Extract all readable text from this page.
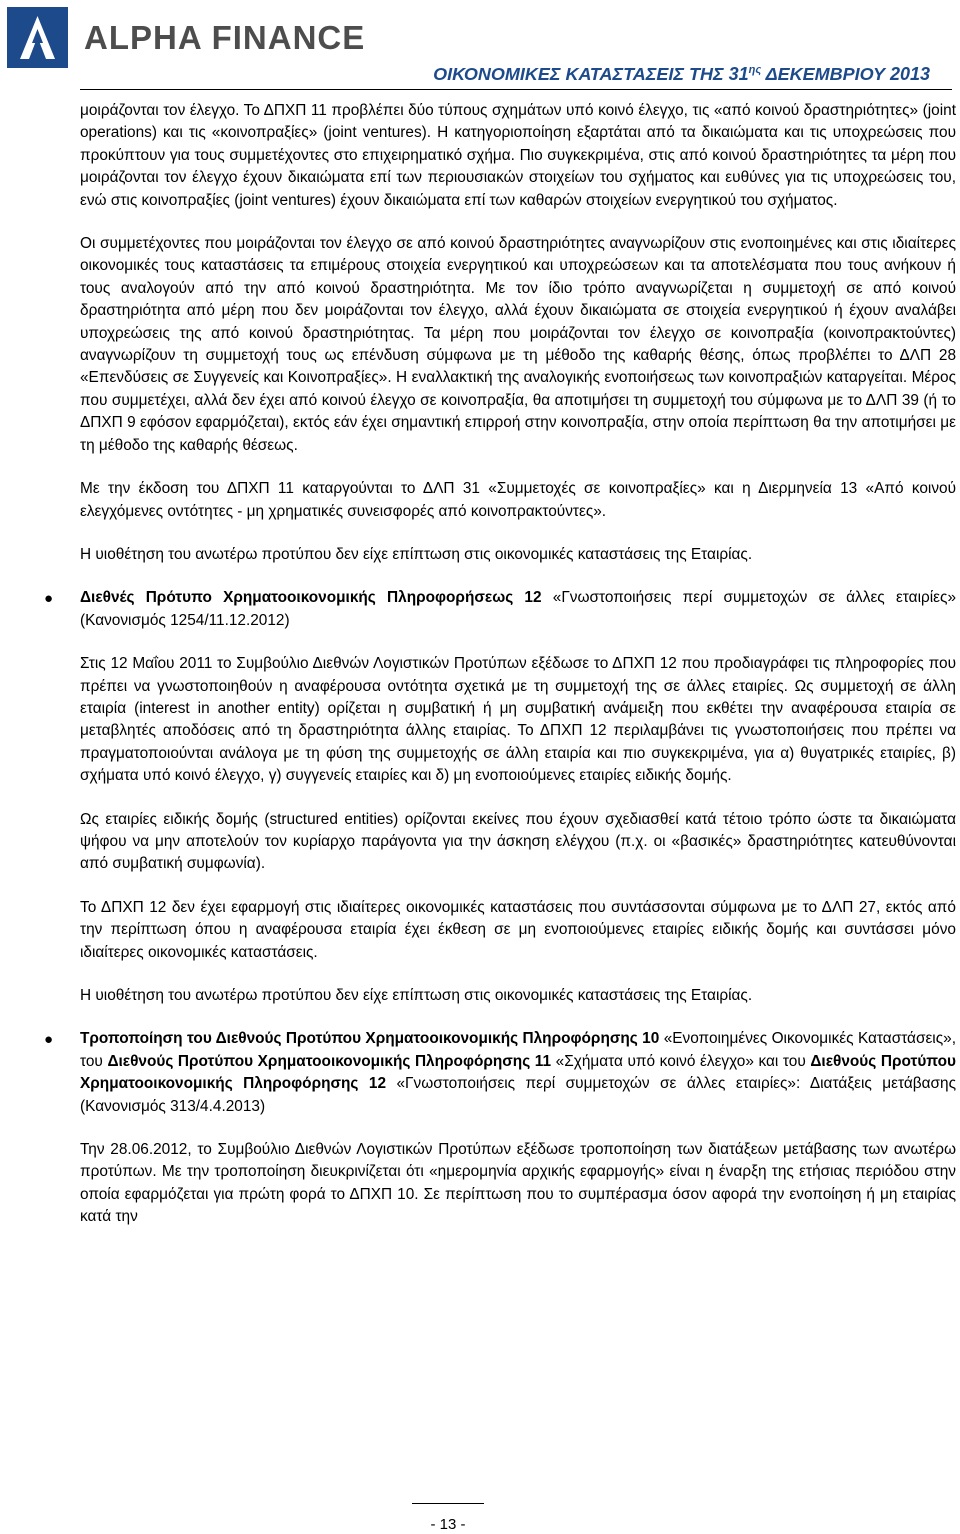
ALPHA FINANCE
ΟΙΚΟΝΟΜΙΚΕΣ ΚΑΤΑΣΤΑΣΕΙΣ ΤΗΣ $31^{\eta\varsigma}$ ΔΕΚΕΜΒΡΙΟΥ 2013

μοιράζονται τον έλεγχο. Το ΔΠΧΠ 11 προβλέπει δύο τύπους σχημάτων υπό κοινό έλεγχο, τις «από κοινού δραστηριότητες» (joint operations) και τις «κοινοπραξίες» (joint ventures). Η κατηγοριοποίηση εξαρτάται από τα δικαιώματα και τις υποχρεώσεις που προκύπτουν για τους συμμετέχοντες στο επιχειρηματικό σχήμα. Πιο συγκεκριμένα, στις από κοινού δραστηριότητες τα μέρη που μοιράζονται τον έλεγχο έχουν δικαιώματα επί των περιουσιακών στοιχείων του σχήματος και ευθύνες για τις υποχρεώσεις του, ενώ στις κοινοπραξίες (joint ventures) έχουν δικαιώματα επί των καθαρών στοιχείων ενεργητικού του σχήματος.

Οι συμμετέχοντες που μοιράζονται τον έλεγχο σε από κοινού δραστηριότητες αναγνωρίζουν στις ενοποιημένες και στις ιδιαίτερες οικονομικές τους καταστάσεις τα επιμέρους στοιχεία ενεργητικού και υποχρεώσεων και τα αποτελέσματα που τους ανήκουν ή τους αναλογούν από την από κοινού δραστηριότητα. Με τον ίδιο τρόπο αναγνωρίζεται η συμμετοχή σε από κοινού δραστηριότητα από μέρη που δεν μοιράζονται τον έλεγχο, αλλά έχουν δικαιώματα σε στοιχεία ενεργητικού ή έχουν αναλάβει υποχρεώσεις της από κοινού δραστηριότητας. Τα μέρη που μοιράζονται τον έλεγχο σε κοινοπραξία (κοινοπρακτούντες) αναγνωρίζουν τη συμμετοχή τους ως επένδυση σύμφωνα με τη μέθοδο της καθαρής θέσης, όπως προβλέπει το ΔΛΠ 28 «Επενδύσεις σε Συγγενείς και Κοινοπραξίες». Η εναλλακτική της αναλογικής ενοποιήσεως των κοινοπραξιών καταργείται. Μέρος που συμμετέχει, αλλά δεν έχει από κοινού έλεγχο σε κοινοπραξία, θα αποτιμήσει τη συμμετοχή του σύμφωνα με το ΔΛΠ 39 (ή το ΔΠΧΠ 9 εφόσον εφαρμόζεται), εκτός εάν έχει σημαντική επιρροή στην κοινοπραξία, στην οποία περίπτωση θα την αποτιμήσει με τη μέθοδο της καθαρής θέσεως.

Με την έκδοση του ΔΠΧΠ 11 καταργούνται το ΔΛΠ 31 «Συμμετοχές σε κοινοπραξίες» και η Διερμηνεία 13 «Από κοινού ελεγχόμενες οντότητες - μη χρηματικές συνεισφορές από κοινοπρακτούντες».

Η υιοθέτηση του ανωτέρω προτύπου δεν είχε επίπτωση στις οικονομικές καταστάσεις της Εταιρίας.

● Διεθνές Πρότυπο Χρηματοοικονομικής Πληροφορήσεως 12 «Γνωστοποιήσεις περί συμμετοχών σε άλλες εταιρίες» (Κανονισμός 1254/11.12.2012)

Στις 12 Μαΐου 2011 το Συμβούλιο Διεθνών Λογιστικών Προτύπων εξέδωσε το ΔΠΧΠ 12 που προδιαγράφει τις πληροφορίες που πρέπει να γνωστοποιηθούν η αναφέρουσα οντότητα σχετικά με τη συμμετοχή της σε άλλες εταιρίες. Ως συμμετοχή σε άλλη εταιρία (interest in another entity) ορίζεται η συμβατική ή μη συμβατική ανάμειξη που εκθέτει την αναφέρουσα εταιρία σε μεταβλητές αποδόσεις από τη δραστηριότητα άλλης εταιρίας. Το ΔΠΧΠ 12 περιλαμβάνει τις γνωστοποιήσεις που πρέπει να πραγματοποιούνται ανάλογα με τη φύση της συμμετοχής σε άλλη εταιρία και πιο συγκεκριμένα, για α) θυγατρικές εταιρίες, β) σχήματα υπό κοινό έλεγχο, γ) συγγενείς εταιρίες και δ) μη ενοποιούμενες εταιρίες ειδικής δομής.

Ως εταιρίες ειδικής δομής (structured entities) ορίζονται εκείνες που έχουν σχεδιασθεί κατά τέτοιο τρόπο ώστε τα δικαιώματα ψήφου να μην αποτελούν τον κυρίαρχο παράγοντα για την άσκηση ελέγχου (π.χ. οι «βασικές» δραστηριότητες κατευθύνονται από συμβατική συμφωνία).

Το ΔΠΧΠ 12 δεν έχει εφαρμογή στις ιδιαίτερες οικονομικές καταστάσεις που συντάσσονται σύμφωνα με το ΔΛΠ 27, εκτός από την περίπτωση όπου η αναφέρουσα εταιρία έχει έκθεση σε μη ενοποιούμενες εταιρίες ειδικής δομής και συντάσσει μόνο ιδιαίτερες οικονομικές καταστάσεις.

Η υιοθέτηση του ανωτέρω προτύπου δεν είχε επίπτωση στις οικονομικές καταστάσεις της Εταιρίας.

● Τροποποίηση του Διεθνούς Προτύπου Χρηματοοικονομικής Πληροφόρησης 10 «Ενοποιημένες Οικονομικές Καταστάσεις», του Διεθνούς Προτύπου Χρηματοοικονομικής Πληροφόρησης 11 «Σχήματα υπό κοινό έλεγχο» και του Διεθνούς Προτύπου Χρηματοοικονομικής Πληροφόρησης 12 «Γνωστοποιήσεις περί συμμετοχών σε άλλες εταιρίες»: Διατάξεις μετάβασης (Κανονισμός 313/4.4.2013)

Την 28.06.2012, το Συμβούλιο Διεθνών Λογιστικών Προτύπων εξέδωσε τροποποίηση των διατάξεων μετάβασης των ανωτέρω προτύπων. Με την τροποποίηση διευκρινίζεται ότι «ημερομηνία αρχικής εφαρμογής» είναι η έναρξη της ετήσιας περιόδου στην οποία εφαρμόζεται για πρώτη φορά το ΔΠΧΠ 10. Σε περίπτωση που το συμπέρασμα όσον αφορά την ενοποίηση ή μη εταιρίας κατά την

- 13 -
